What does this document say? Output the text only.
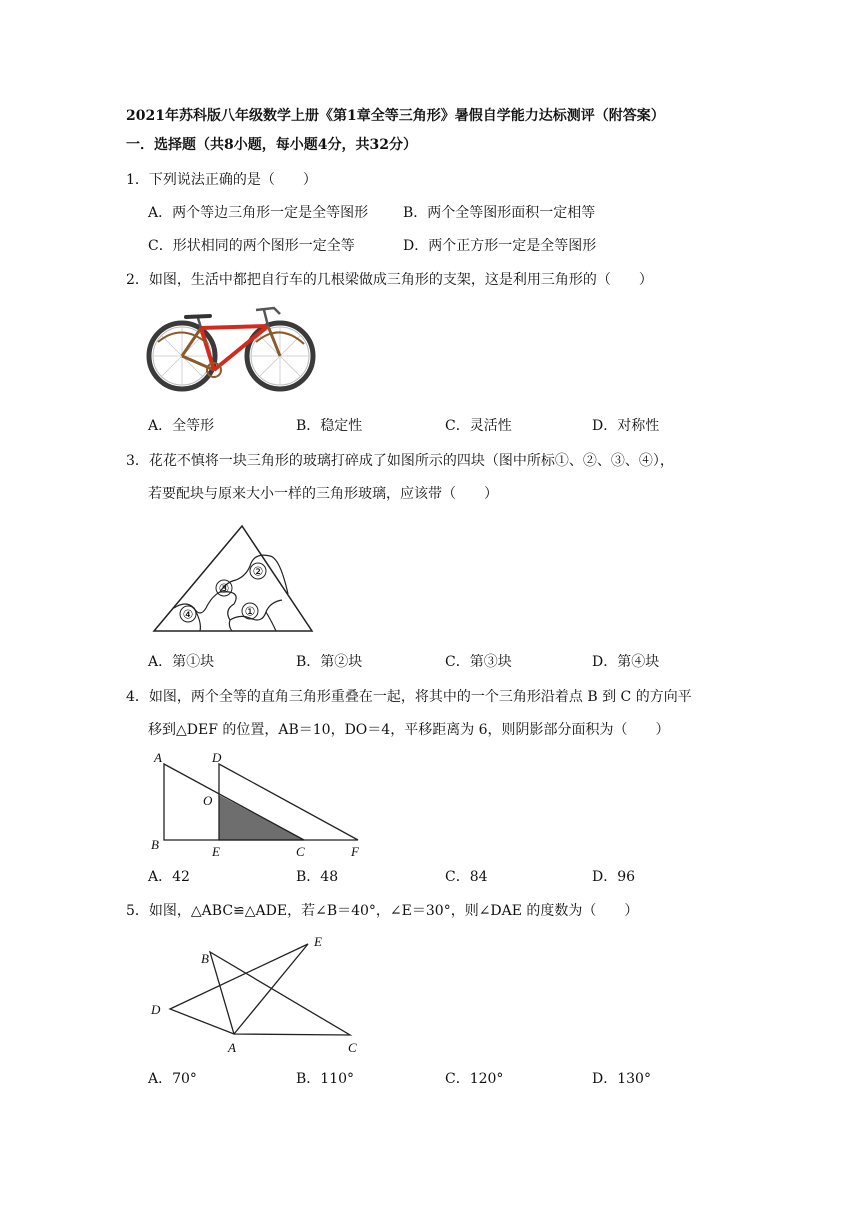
2021年苏科版八年级数学上册《第1章全等三角形》暑假自学能力达标测评（附答案）
一．选择题（共8小题，每小题4分，共32分）
1．下列说法正确的是（　　）
A．两个等边三角形一定是全等图形 B．两个全等图形面积一定相等
C．形状相同的两个图形一定全等	D．两个正方形一定是全等图形
2．如图，生活中都把自行车的几根梁做成三角形的支架，这是利用三角形的（　　）
A．全等形	B．稳定性	C．灵活性	D．对称性
3．花花不慎将一块三角形的玻璃打碎成了如图所示的四块（图中所标①、②、③、④），
若要配块与原来大小一样的三角形玻璃，应该带（　　）
④
③
②
①
A．第①块	B．第②块	C．第③块	D．第④块
4．如图，两个全等的直角三角形重叠在一起，将其中的一个三角形沿着点 B 到 C 的方向平
移到△DEF 的位置，AB＝10，DO＝4，平移距离为 6，则阴影部分面积为（　　）
A	D
O
B	E	C	F
A．42	B．48	C．84	D．96
5．如图，△ABC≌△ADE，若∠B＝40°，∠E＝30°，则∠DAE 的度数为（　　）
B
E
D
A	C
A．70°	B．110°	C．120°	D．130°
